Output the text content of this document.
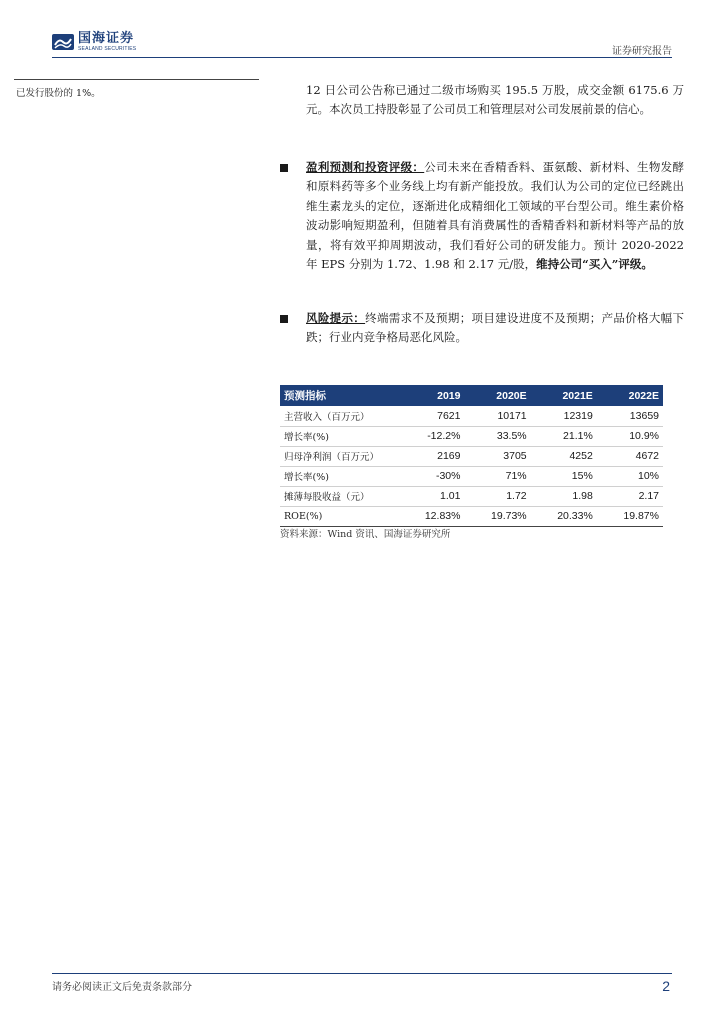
国海证券
SEALAND SECURITIES	证券研究报告
已发行股份的 1%。	12 日公司公告称已通过二级市场购买 195.5 万股，成交金额 6175.6 万元。本次员工持股彰显了公司员工和管理层对公司发展前景的信心。
盈利预测和投资评级：公司未来在香精香料、蛋氨酸、新材料、生物发酵和原料药等多个业务线上均有新产能投放。我们认为公司的定位已经跳出维生素龙头的定位，逐渐进化成精细化工领域的平台型公司。维生素价格波动影响短期盈利，但随着具有消费属性的香精香料和新材料等产品的放量，将有效平抑周期波动，我们看好公司的研发能力。预计 2020-2022 年 EPS 分别为 1.72、1.98 和 2.17 元/股，维持公司“买入”评级。
风险提示：终端需求不及预期；项目建设进度不及预期；产品价格大幅下跌；行业内竞争格局恶化风险。
预测指标	2019	2020E	2021E	2022E
主营收入（百万元）	7621	10171	12319	13659
增长率(%)	-12.2%	33.5%	21.1%	10.9%
归母净利润（百万元）	2169	3705	4252	4672
增长率(%)	-30%	71%	15%	10%
摊薄每股收益（元）	1.01	1.72	1.98	2.17
ROE(%)	12.83%	19.73%	20.33%	19.87%
资料来源：Wind 资讯、国海证券研究所
请务必阅读正文后免责条款部分	2
